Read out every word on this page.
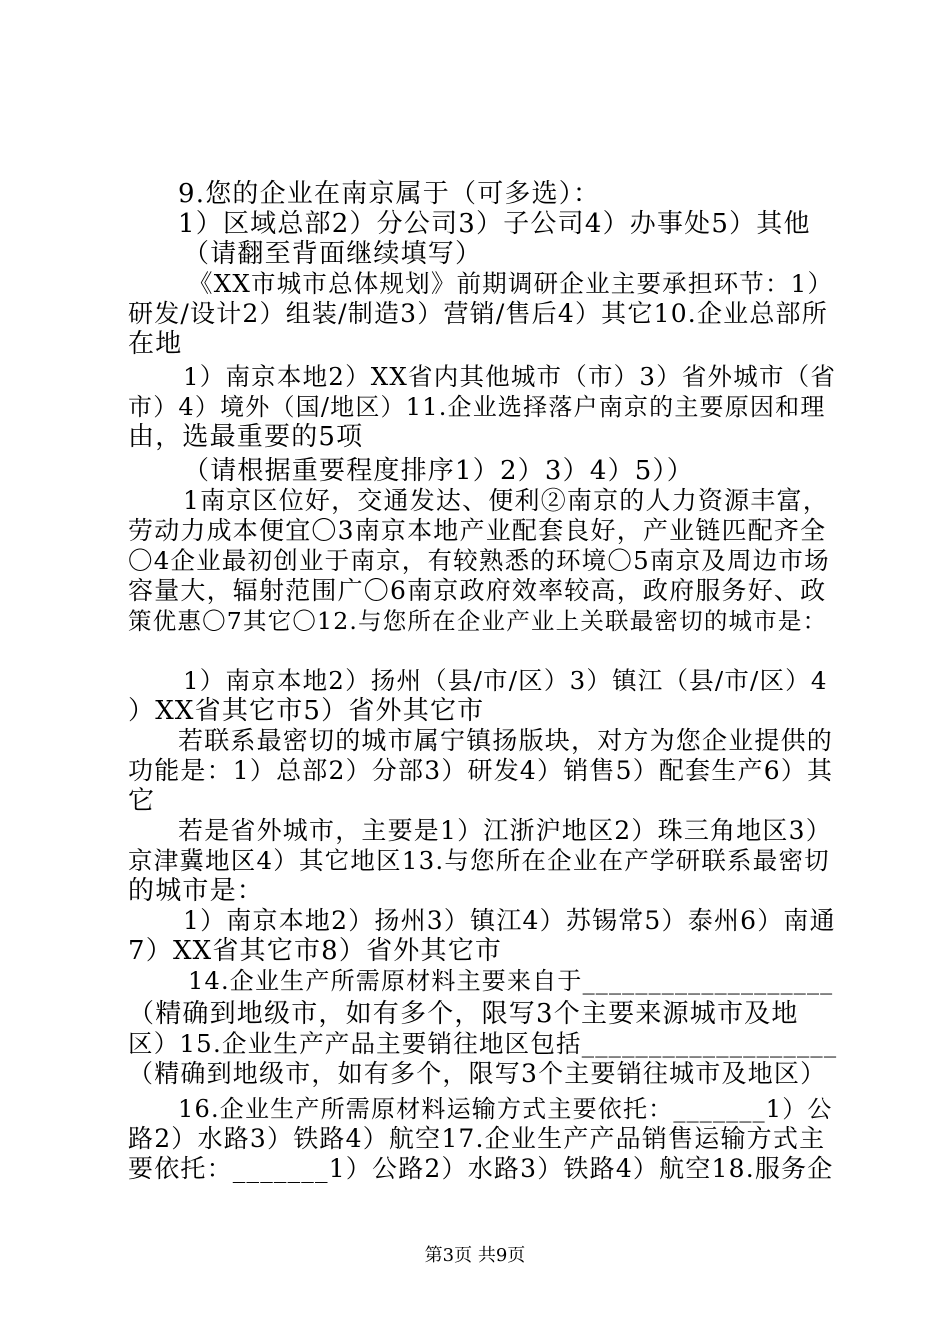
9.您的企业在南京属于（可多选）：
1）区域总部2）分公司3）子公司4）办事处5）其他
（请翻至背面继续填写）
《XX市城市总体规划》前期调研企业主要承担环节：1）
研发/设计2）组装/制造3）营销/售后4）其它10.企业总部所
在地
1）南京本地2）XX省内其他城市（市）3）省外城市（省
市）4）境外（国/地区）11.企业选择落户南京的主要原因和理
由，选最重要的5项
（请根据重要程度排序1）2）3）4）5））
1南京区位好，交通发达、便利②南京的人力资源丰富，
劳动力成本便宜〇3南京本地产业配套良好，产业链匹配齐全
〇4企业最初创业于南京，有较熟悉的环境〇5南京及周边市场
容量大，辐射范围广〇6南京政府效率较高，政府服务好、政
策优惠〇7其它〇12.与您所在企业产业上关联最密切的城市是：
1）南京本地2）扬州（县/市/区）3）镇江（县/市/区）4
）XX省其它市5）省外其它市
若联系最密切的城市属宁镇扬版块，对方为您企业提供的
功能是：1）总部2）分部3）研发4）销售5）配套生产6）其
它
若是省外城市，主要是1）江浙沪地区2）珠三角地区3）
京津冀地区4）其它地区13.与您所在企业在产学研联系最密切
的城市是：
1）南京本地2）扬州3）镇江4）苏锡常5）泰州6）南通
7）XX省其它市8）省外其它市
14.企业生产所需原材料主要来自于___________________
（精确到地级市，如有多个，限写3个主要来源城市及地
区）15.企业生产产品主要销往地区包括___________________
（精确到地级市，如有多个，限写3个主要销往城市及地区）
16.企业生产所需原材料运输方式主要依托：_______1）公
路2）水路3）铁路4）航空17.企业生产产品销售运输方式主
要依托：_______1）公路2）水路3）铁路4）航空18.服务企
第3页 共9页
